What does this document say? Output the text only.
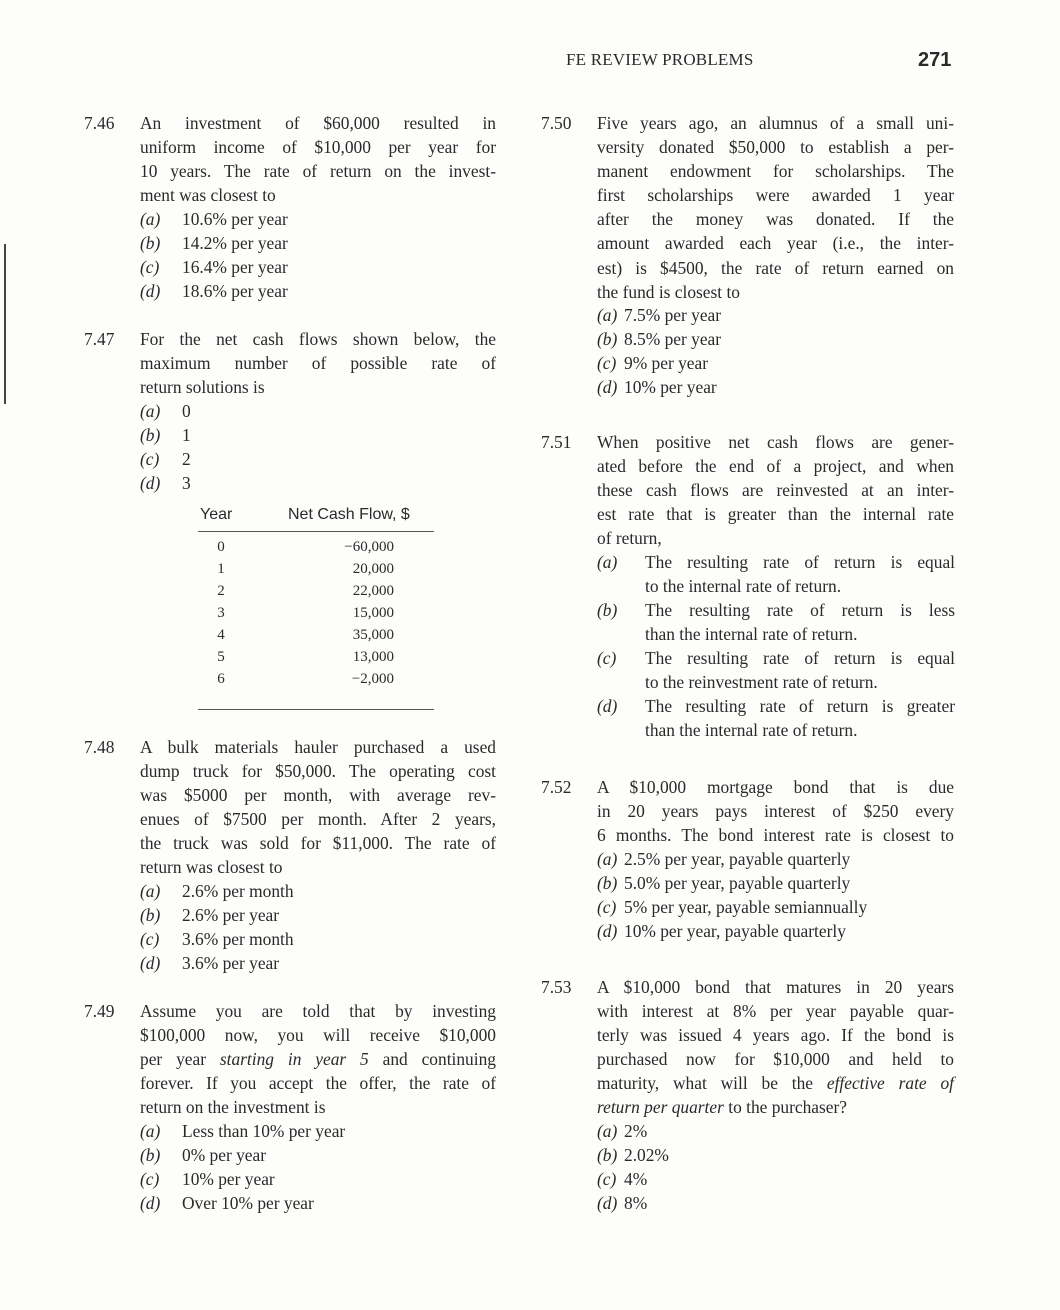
FE REVIEW PROBLEMS	271
7.46 An investment of $60,000 resulted in
uniform income of $10,000 per year for
10 years. The rate of return on the invest-
ment was closest to
(a) 10.6% per year
(b) 14.2% per year
(c) 16.4% per year
(d) 18.6% per year
7.47 For the net cash flows shown below, the
maximum number of possible rate of
return solutions is
(a) 0
(b) 1
(c) 2
(d) 3
Year	Net Cash Flow, $
0	−60,000
1	20,000
2	22,000
3	15,000
4	35,000
5	13,000
6	−2,000
7.48 A bulk materials hauler purchased a used
dump truck for $50,000. The operating cost
was $5000 per month, with average rev-
enues of $7500 per month. After 2 years,
the truck was sold for $11,000. The rate of
return was closest to
(a) 2.6% per month
(b) 2.6% per year
(c) 3.6% per month
(d) 3.6% per year
7.49 Assume you are told that by investing
$100,000 now, you will receive $10,000
per year starting in year 5 and continuing
forever. If you accept the offer, the rate of
return on the investment is
(a) Less than 10% per year
(b) 0% per year
(c) 10% per year
(d) Over 10% per year
7.50 Five years ago, an alumnus of a small uni-
versity donated $50,000 to establish a per-
manent endowment for scholarships. The
first scholarships were awarded 1 year
after the money was donated. If the
amount awarded each year (i.e., the inter-
est) is $4500, the rate of return earned on
the fund is closest to
(a) 7.5% per year
(b) 8.5% per year
(c) 9% per year
(d) 10% per year
7.51 When positive net cash flows are gener-
ated before the end of a project, and when
these cash flows are reinvested at an inter-
est rate that is greater than the internal rate
of return,
(a) The resulting rate of return is equal
to the internal rate of return.
(b) The resulting rate of return is less
than the internal rate of return.
(c) The resulting rate of return is equal
to the reinvestment rate of return.
(d) The resulting rate of return is greater
than the internal rate of return.
7.52 A $10,000 mortgage bond that is due
in 20 years pays interest of $250 every
6 months. The bond interest rate is closest to
(a) 2.5% per year, payable quarterly
(b) 5.0% per year, payable quarterly
(c) 5% per year, payable semiannually
(d) 10% per year, payable quarterly
7.53 A $10,000 bond that matures in 20 years
with interest at 8% per year payable quar-
terly was issued 4 years ago. If the bond is
purchased now for $10,000 and held to
maturity, what will be the effective rate of
return per quarter to the purchaser?
(a) 2%
(b) 2.02%
(c) 4%
(d) 8%
